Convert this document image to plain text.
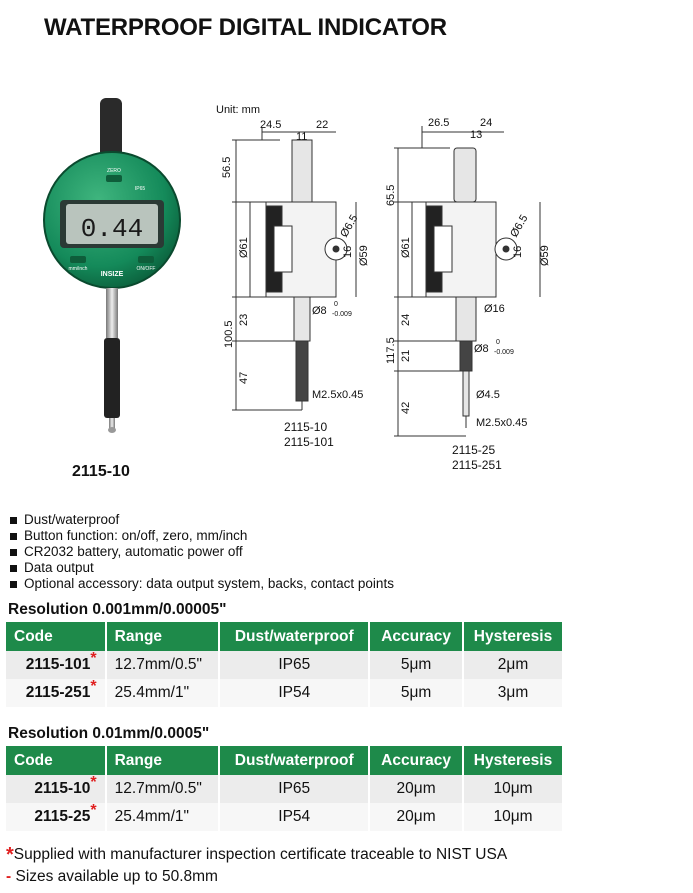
WATERPROOF DIGITAL INDICATOR
0.44
ZERO
IP65
mm/inch	ON/OFF
INSIZE
2115-10
Unit: mm
24.5	22
11
56.5
Ø61
Ø6.5
16 Ø59
23
100.5
47
Ø8
0
-0.009
M2.5x0.45
2115-10
2115-101
26.5	24
13
65.5
Ø61
Ø6.5
16 Ø59
Ø16
24
117.5 21
Ø8
0
-0.009
Ø4.5
42
M2.5x0.45
2115-25
2115-251
Dust/waterproof
Button function: on/off, zero, mm/inch
CR2032 battery, automatic power off
Data output
Optional accessory: data output system, backs, contact points
Resolution 0.001mm/0.00005"
Code	Range	Dust/waterproof	Accuracy	Hysteresis
2115-101*	12.7mm/0.5"	IP65	5μm	2μm
2115-251*	25.4mm/1"	IP54	5μm	3μm
Resolution 0.01mm/0.0005"
Code	Range	Dust/waterproof	Accuracy	Hysteresis
2115-10*	12.7mm/0.5"	IP65	20μm	10μm
2115-25*	25.4mm/1"	IP54	20μm	10μm
*Supplied with manufacturer inspection certificate traceable to NIST USA
- Sizes available up to 50.8mm
